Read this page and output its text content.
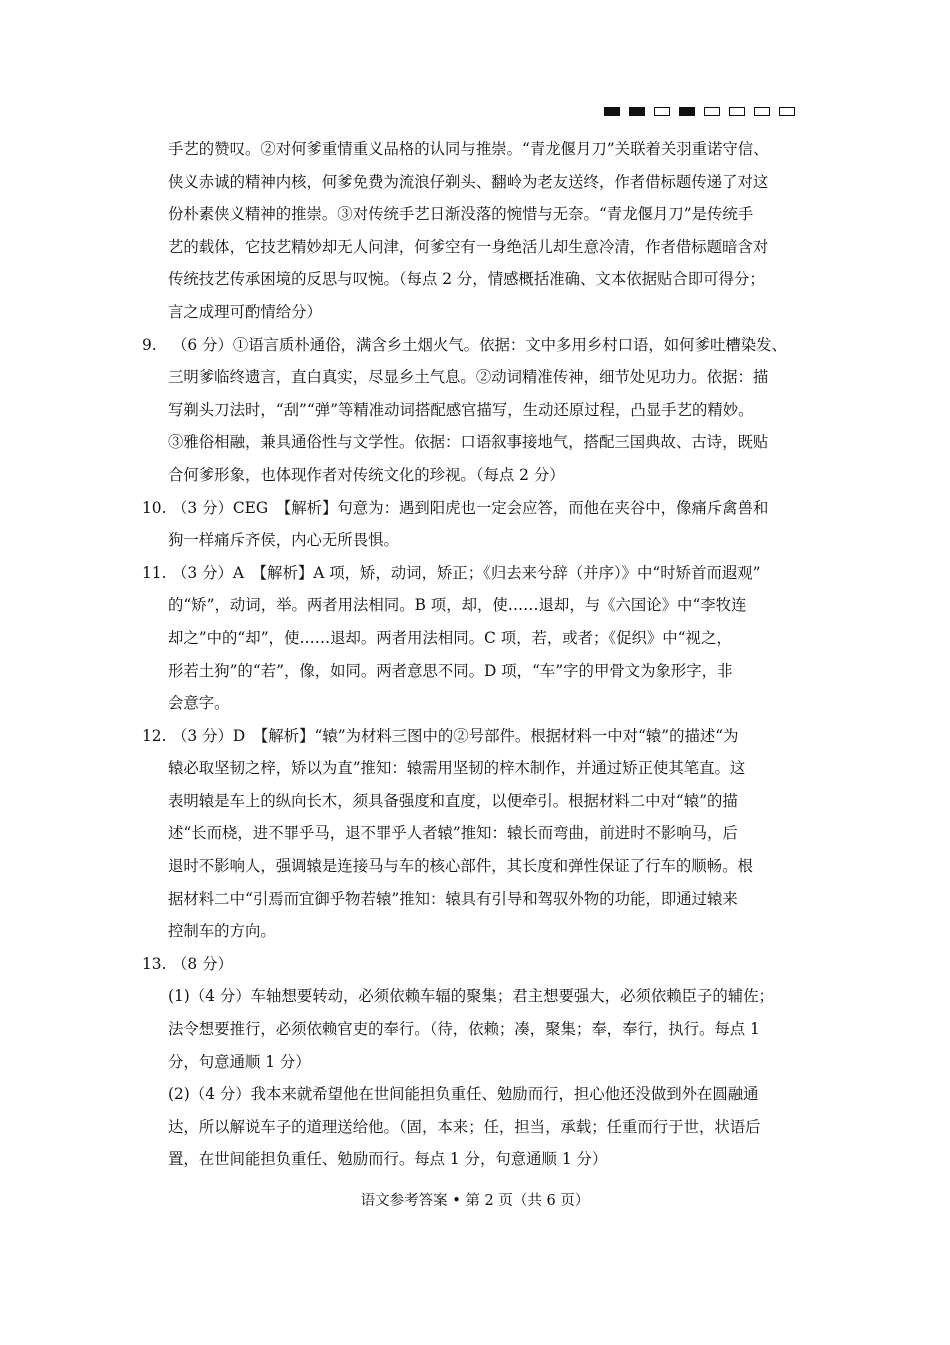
手艺的赞叹。②对何爹重情重义品格的认同与推崇。“青龙偃月刀”关联着关羽重诺守信、
侠义赤诚的精神内核，何爹免费为流浪仔剃头、翻岭为老友送终，作者借标题传递了对这
份朴素侠义精神的推崇。③对传统手艺日渐没落的惋惜与无奈。“青龙偃月刀”是传统手
艺的载体，它技艺精妙却无人问津，何爹空有一身绝活儿却生意冷清，作者借标题暗含对
传统技艺传承困境的反思与叹惋。（每点 2 分，情感概括准确、文本依据贴合即可得分；
言之成理可酌情给分）
9. （6 分）①语言质朴通俗，满含乡土烟火气。依据：文中多用乡村口语，如何爹吐槽染发、
三明爹临终遗言，直白真实，尽显乡土气息。②动词精准传神，细节处见功力。依据：描
写剃头刀法时，“刮”“弹”等精准动词搭配感官描写，生动还原过程，凸显手艺的精妙。
③雅俗相融，兼具通俗性与文学性。依据：口语叙事接地气，搭配三国典故、古诗，既贴
合何爹形象，也体现作者对传统文化的珍视。（每点 2 分）
10. （3 分）CEG　【解析】句意为：遇到阳虎也一定会应答，而他在夹谷中，像痛斥禽兽和
狗一样痛斥齐侯，内心无所畏惧。
11. （3 分）A　【解析】A 项，矫，动词，矫正；《归去来兮辞（并序）》中“时矫首而遐观”
的“矫”，动词，举。两者用法相同。B 项，却，使……退却，与《六国论》中“李牧连
却之”中的“却”，使……退却。两者用法相同。C 项，若，或者；《促织》中“视之，
形若土狗”的“若”，像，如同。两者意思不同。D 项，“车”字的甲骨文为象形字，非
会意字。
12. （3 分）D　【解析】“辕”为材料三图中的②号部件。根据材料一中对“辕”的描述“为
辕必取坚韧之梓，矫以为直”推知：辕需用坚韧的梓木制作，并通过矫正使其笔直。这
表明辕是车上的纵向长木，须具备强度和直度，以便牵引。根据材料二中对“辕”的描
述“长而桡，进不罪乎马，退不罪乎人者辕”推知：辕长而弯曲，前进时不影响马，后
退时不影响人，强调辕是连接马与车的核心部件，其长度和弹性保证了行车的顺畅。根
据材料二中“引焉而宜御乎物若辕”推知：辕具有引导和驾驭外物的功能，即通过辕来
控制车的方向。
13. （8 分）
(1)（4 分）车轴想要转动，必须依赖车辐的聚集；君主想要强大，必须依赖臣子的辅佐；
法令想要推行，必须依赖官吏的奉行。（待，依赖；凑，聚集；奉，奉行，执行。每点 1
分，句意通顺 1 分）
(2)（4 分）我本来就希望他在世间能担负重任、勉励而行，担心他还没做到外在圆融通
达，所以解说车子的道理送给他。（固，本来；任，担当，承载；任重而行于世，状语后
置，在世间能担负重任、勉励而行。每点 1 分，句意通顺 1 分）
语文参考答案 • 第 2 页（共 6 页）
